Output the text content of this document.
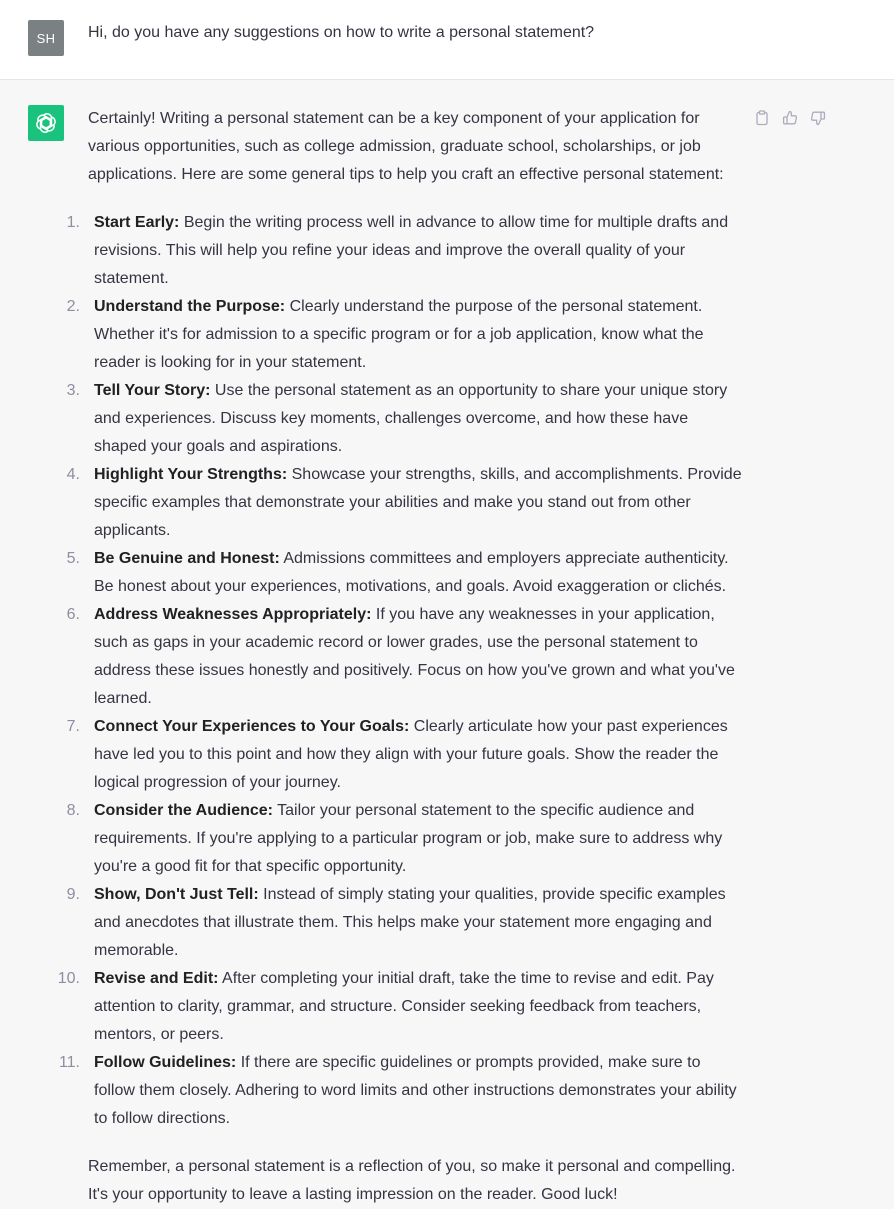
SH	Hi, do you have any suggestions on how to write a personal statement?

Certainly! Writing a personal statement can be a key component of your application for various opportunities, such as college admission, graduate school, scholarships, or job applications. Here are some general tips to help you craft an effective personal statement:

1. Start Early: Begin the writing process well in advance to allow time for multiple drafts and revisions. This will help you refine your ideas and improve the overall quality of your statement.
2. Understand the Purpose: Clearly understand the purpose of the personal statement. Whether it's for admission to a specific program or for a job application, know what the reader is looking for in your statement.
3. Tell Your Story: Use the personal statement as an opportunity to share your unique story and experiences. Discuss key moments, challenges overcome, and how these have shaped your goals and aspirations.
4. Highlight Your Strengths: Showcase your strengths, skills, and accomplishments. Provide specific examples that demonstrate your abilities and make you stand out from other applicants.
5. Be Genuine and Honest: Admissions committees and employers appreciate authenticity. Be honest about your experiences, motivations, and goals. Avoid exaggeration or clichés.
6. Address Weaknesses Appropriately: If you have any weaknesses in your application, such as gaps in your academic record or lower grades, use the personal statement to address these issues honestly and positively. Focus on how you've grown and what you've learned.
7. Connect Your Experiences to Your Goals: Clearly articulate how your past experiences have led you to this point and how they align with your future goals. Show the reader the logical progression of your journey.
8. Consider the Audience: Tailor your personal statement to the specific audience and requirements. If you're applying to a particular program or job, make sure to address why you're a good fit for that specific opportunity.
9. Show, Don't Just Tell: Instead of simply stating your qualities, provide specific examples and anecdotes that illustrate them. This helps make your statement more engaging and memorable.
10. Revise and Edit: After completing your initial draft, take the time to revise and edit. Pay attention to clarity, grammar, and structure. Consider seeking feedback from teachers, mentors, or peers.
11. Follow Guidelines: If there are specific guidelines or prompts provided, make sure to follow them closely. Adhering to word limits and other instructions demonstrates your ability to follow directions.

Remember, a personal statement is a reflection of you, so make it personal and compelling. It's your opportunity to leave a lasting impression on the reader. Good luck!
